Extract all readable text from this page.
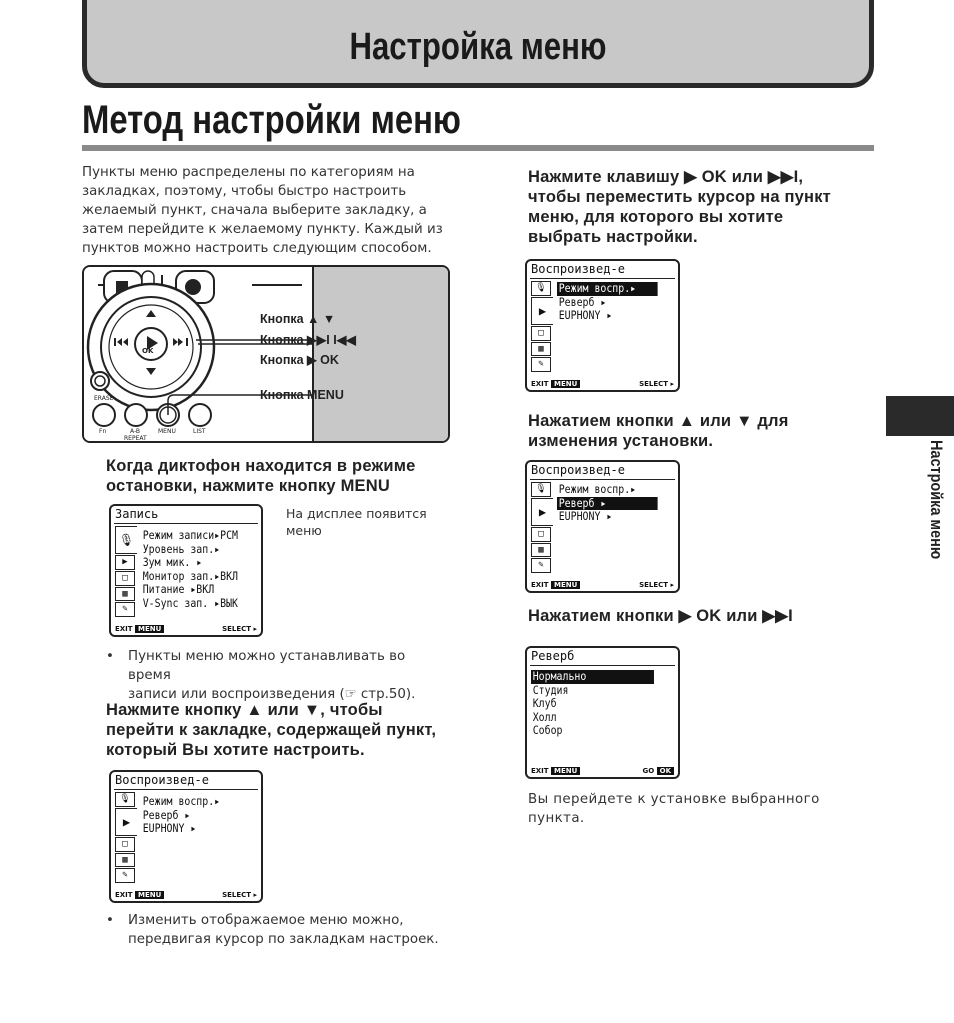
Настройка меню
Метод настройки меню
Пункты меню распределены по категориям на
закладках, поэтому, чтобы быстро настроить
желаемый пункт, сначала выберите закладку, а
затем перейдите к желаемому пункту. Каждый из
пунктов можно настроить следующим способом.
OK
ERASE
Fn	A-B
REPEAT
MENU	LIST
Кнопка ▲ ▼
Кнопка ▶▶I I◀◀
Кнопка ▶ OK
Кнопка MENU
Когда диктофон находится в режиме
остановки, нажмите кнопку MENU
На дисплее появится
меню
Запись
🎙
▶
□
▦
✎
Режим записи▸PCM
Уровень зап.▸
Зум мик. ▸
Монитор зап.▸ВКЛ
Питание ▸ВКЛ
V-Sync зап. ▸ВЫК
EXIT MENU	SELECT ▸
•	Пункты меню можно устанавливать во время
записи или воспроизведения (☞ стр.50).
Нажмите кнопку ▲ или ▼, чтобы
перейти к закладке, содержащей пункт,
который Вы хотите настроить.
Воспроизвед-е
🎙
▶
□
▦
✎
Режим воспр.▸
Реверб ▸
EUPHONY ▸
EXIT MENU	SELECT ▸
•	Изменить отображаемое меню можно,
передвигая курсор по закладкам настроек.
Нажмите клавишу ▶ OK или ▶▶I,
чтобы переместить курсор на пункт
меню, для которого вы хотите
выбрать настройки.
Воспроизвед-е
🎙
▶
□
▦
✎
Режим воспр.▸
Реверб ▸
EUPHONY ▸
EXIT MENU	SELECT ▸
Нажатием кнопки ▲ или ▼ для
изменения установки.
Воспроизвед-е
🎙
▶
□
▦
✎
Режим воспр.▸
Реверб ▸
EUPHONY ▸
EXIT MENU	SELECT ▸
Нажатием кнопки ▶ OK или ▶▶I
Реверб
Нормально
Студия
Клуб
Холл
Собор
EXIT MENU	GO OK
Вы перейдете к установке выбранного
пункта.
Настройка меню
